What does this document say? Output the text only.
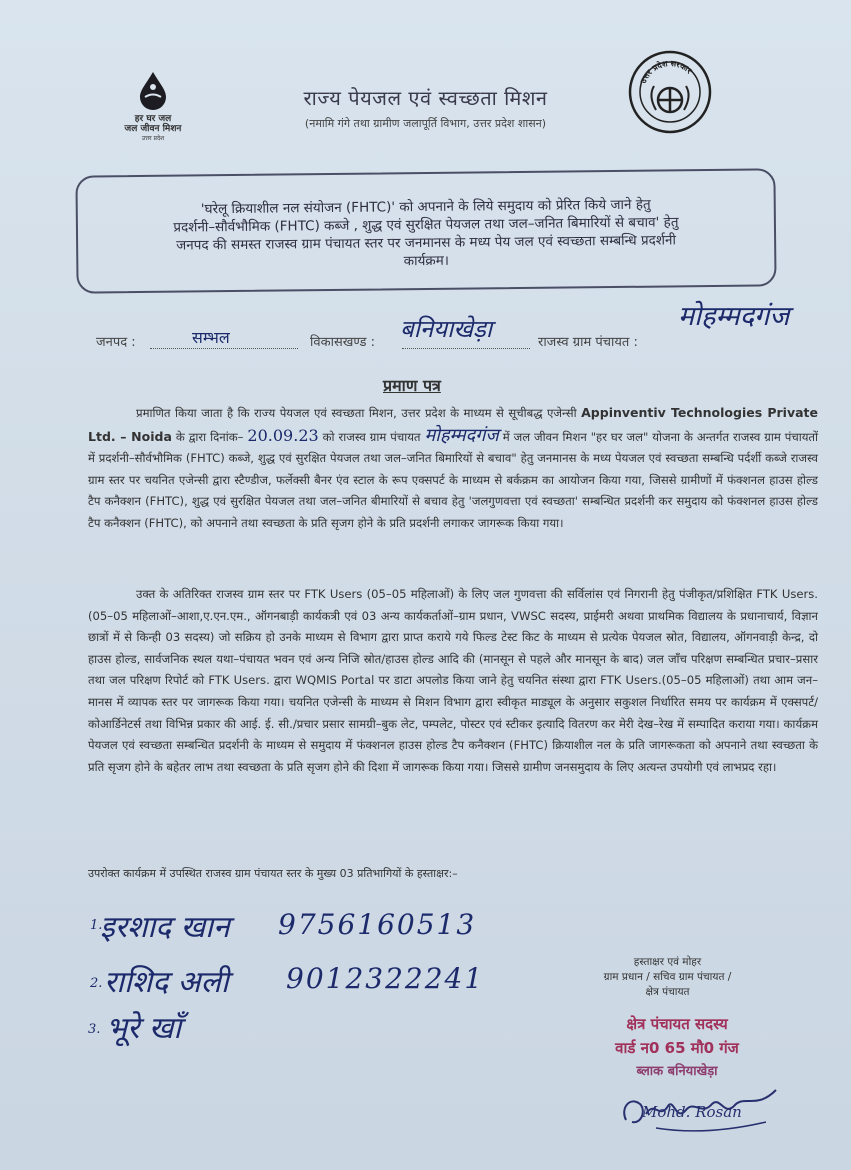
हर घर जल
जल जीवन मिशन
उत्तर प्रदेश
उत्तर प्रदेश सरकार
राज्य पेयजल एवं स्वच्छता मिशन
(नमामि गंगे तथा ग्रामीण जलापूर्ति विभाग, उत्तर प्रदेश शासन)
'घरेलू क्रियाशील नल संयोजन (FHTC)' को अपनाने के लिये समुदाय को प्रेरित किये जाने हेतु
प्रदर्शनी–सौर्वभौमिक (FHTC) कब्जे , शुद्ध एवं सुरक्षित पेयजल तथा जल–जनित बिमारियों से बचाव' हेतु
जनपद की समस्त राजस्व ग्राम पंचायत स्तर पर जनमानस के मध्य पेय जल एवं स्वच्छता सम्बन्धि प्रदर्शनी
कार्यक्रम।
जनपद :	सम्भल	विकासखण्ड : बनियाखेड़ा	राजस्व ग्राम पंचायत :
मोहम्मदगंज
प्रमाण पत्र
प्रमाणित किया जाता है कि राज्य पेयजल एवं स्वच्छता मिशन, उत्तर प्रदेश के माध्यम से सूचीबद्ध एजेन्सी Appinventiv Technologies Private Ltd. – Noida के द्वारा दिनांक– 20.09.23 को राजस्व ग्राम पंचायत मोहम्मदगंज में जल जीवन मिशन "हर घर जल" योजना के अन्तर्गत राजस्व ग्राम पंचायतों में प्रदर्शनी–सौर्वभौमिक (FHTC) कब्जे, शुद्ध एवं सुरक्षित पेयजल तथा जल–जनित बिमारियों से बचाव" हेतु जनमानस के मध्य पेयजल एवं स्वच्छता सम्बन्धि पर्दर्शी कब्जे राजस्व ग्राम स्तर पर चयनित एजेन्सी द्वारा स्टैण्डीज, फर्लेक्सी बैनर एंव स्टाल के रूप एक्सपर्ट के माध्यम से बर्कक्रम का आयोजन किया गया, जिससे ग्रामीणों में फंक्शनल हाउस होल्ड टैप कनैक्शन (FHTC), शुद्ध एवं सुरक्षित पेयजल तथा जल–जनित बीमारियों से बचाव हेतु 'जलगुणवत्ता एवं स्वच्छता' सम्बन्धित प्रदर्शनी कर समुदाय को फंक्शनल हाउस होल्ड टैप कनैक्शन (FHTC), को अपनाने तथा स्वच्छता के प्रति सृजग होने के प्रति प्रदर्शनी लगाकर जागरूक किया गया।
उक्त के अतिरिक्त राजस्व ग्राम स्तर पर FTK Users (05–05 महिलाओं) के लिए जल गुणवत्ता की सर्विलांस एवं निगरानी हेतु पंजीकृत/प्रशिक्षित FTK Users.(05–05 महिलाओं–आशा,ए.एन.एम., ऑगनबाड़ी कार्यकत्री एवं 03 अन्य कार्यकर्ताओं–ग्राम प्रधान, VWSC सदस्य, प्राईमरी अथवा प्राथमिक विद्यालय के प्रधानाचार्य, विज्ञान छात्रों में से किन्ही 03 सदस्य) जो सक्रिय हो उनके माध्यम से विभाग द्वारा प्राप्त कराये गये फिल्ड टेस्ट किट के माध्यम से प्रत्येक पेयजल स्रोत, विद्यालय, ऑगनवाड़ी केन्द्र, दो हाउस होल्ड, सार्वजनिक स्थल यथा–पंचायत भवन एवं अन्य निजि स्रोत/हाउस होल्ड आदि की (मानसून से पहले और मानसून के बाद) जल जाँच परिक्षण सम्बन्धित प्रचार–प्रसार तथा जल परिक्षण रिपोर्ट को FTK Users. द्वारा WQMIS Portal पर डाटा अपलोड किया जाने हेतु चयनित संस्था द्वारा FTK Users.(05–05 महिलाओं) तथा आम जन–मानस में व्यापक स्तर पर जागरूक किया गया। चयनित एजेन्सी के माध्यम से मिशन विभाग द्वारा स्वीकृत माड्यूल के अनुसार सकुशल निर्धारित समय पर कार्यक्रम में एक्सपर्ट/कोआर्डिनेटर्स तथा विभिन्न प्रकार की आई. ई. सी./प्रचार प्रसार सामग्री–बुक लेट, पम्पलेट, पोस्टर एवं स्टीकर इत्यादि वितरण कर मेरी देख–रेख में सम्पादित कराया गया। कार्यक्रम पेयजल एवं स्वच्छता सम्बन्धित प्रदर्शनी के माध्यम से समुदाय में फंक्शनल हाउस होल्ड टैप कनैक्शन (FHTC) क्रियाशील नल के प्रति जागरूकता को अपनाने तथा स्वच्छता के प्रति सृजग होने के बहेतर लाभ तथा स्वच्छता के प्रति सृजग होने की दिशा में जागरूक किया गया। जिससे ग्रामीण जनसमुदाय के लिए अत्यन्त उपयोगी एवं लाभप्रद रहा।
उपरोक्त कार्यक्रम में उपस्थित राजस्व ग्राम पंचायत स्तर के मुख्य 03 प्रतिभागियों के हस्ताक्षर:–
1.
इरशाद खान 9756160513
2. राशिद अली 9012322241
3. भूरे खाँ
हस्ताक्षर एवं मोहर
ग्राम प्रधान / सचिव ग्राम पंचायत /
क्षेत्र पंचायत
क्षेत्र पंचायत सदस्य
वार्ड न0 65 मौ0 गंज
ब्लाक बनियाखेड़ा
Mohd. Rosan
